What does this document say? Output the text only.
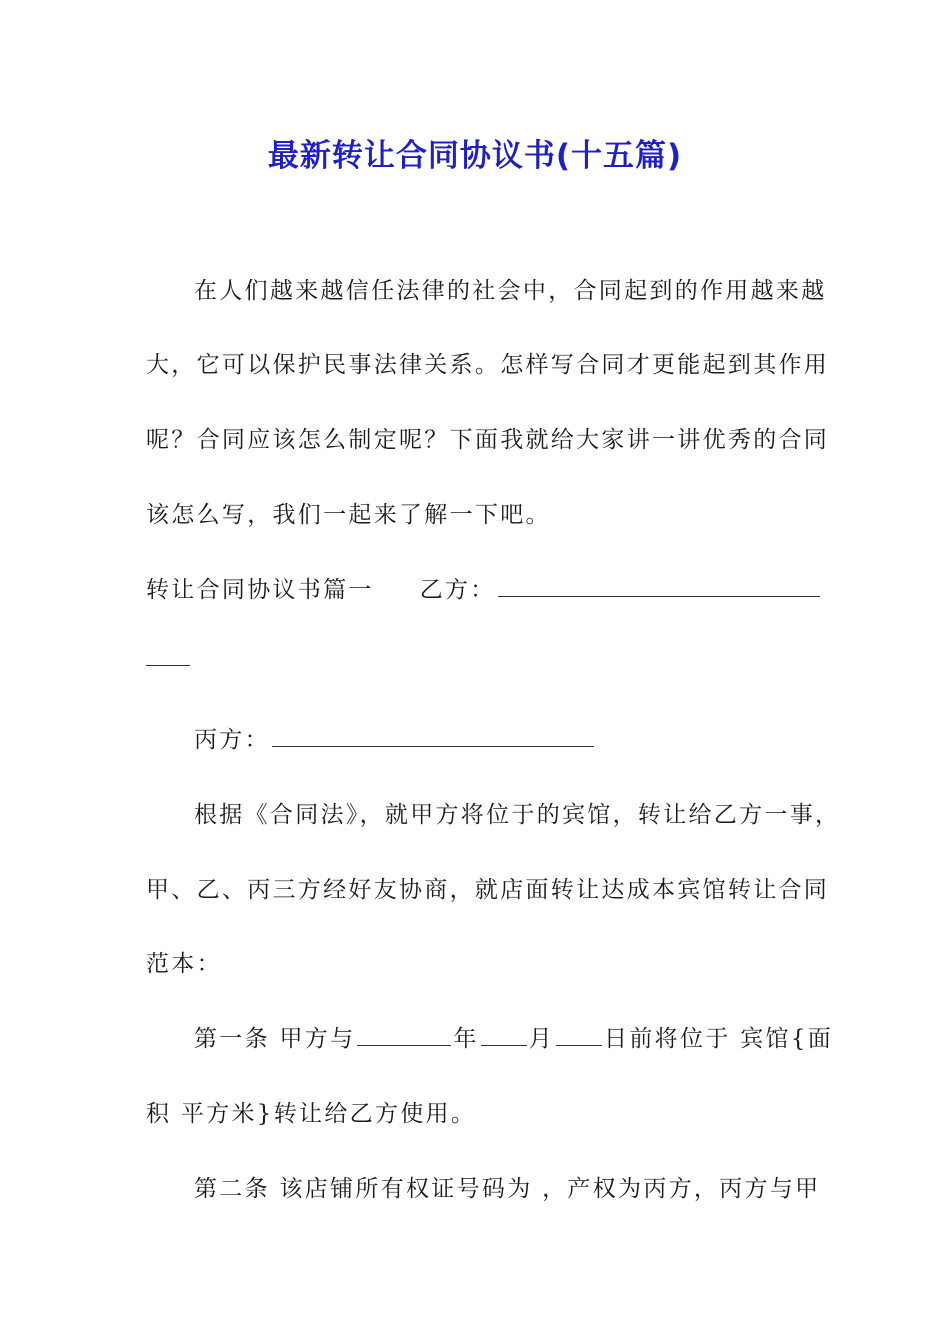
最新转让合同协议书(十五篇)
在人们越来越信任法律的社会中，合同起到的作用越来越
大，它可以保护民事法律关系。怎样写合同才更能起到其作用
呢？合同应该怎么制定呢？下面我就给大家讲一讲优秀的合同
该怎么写，我们一起来了解一下吧。
转让合同协议书篇一 乙方：
丙方：
根据《合同法》，就甲方将位于的宾馆，转让给乙方一事，
甲、乙、丙三方经好友协商，就店面转让达成本宾馆转让合同
范本：
第一条 甲方与	年 月 日前将位于 宾馆{面
积 平方米}转让给乙方使用。
第二条 该店铺所有权证号码为 ，产权为丙方，丙方与甲
